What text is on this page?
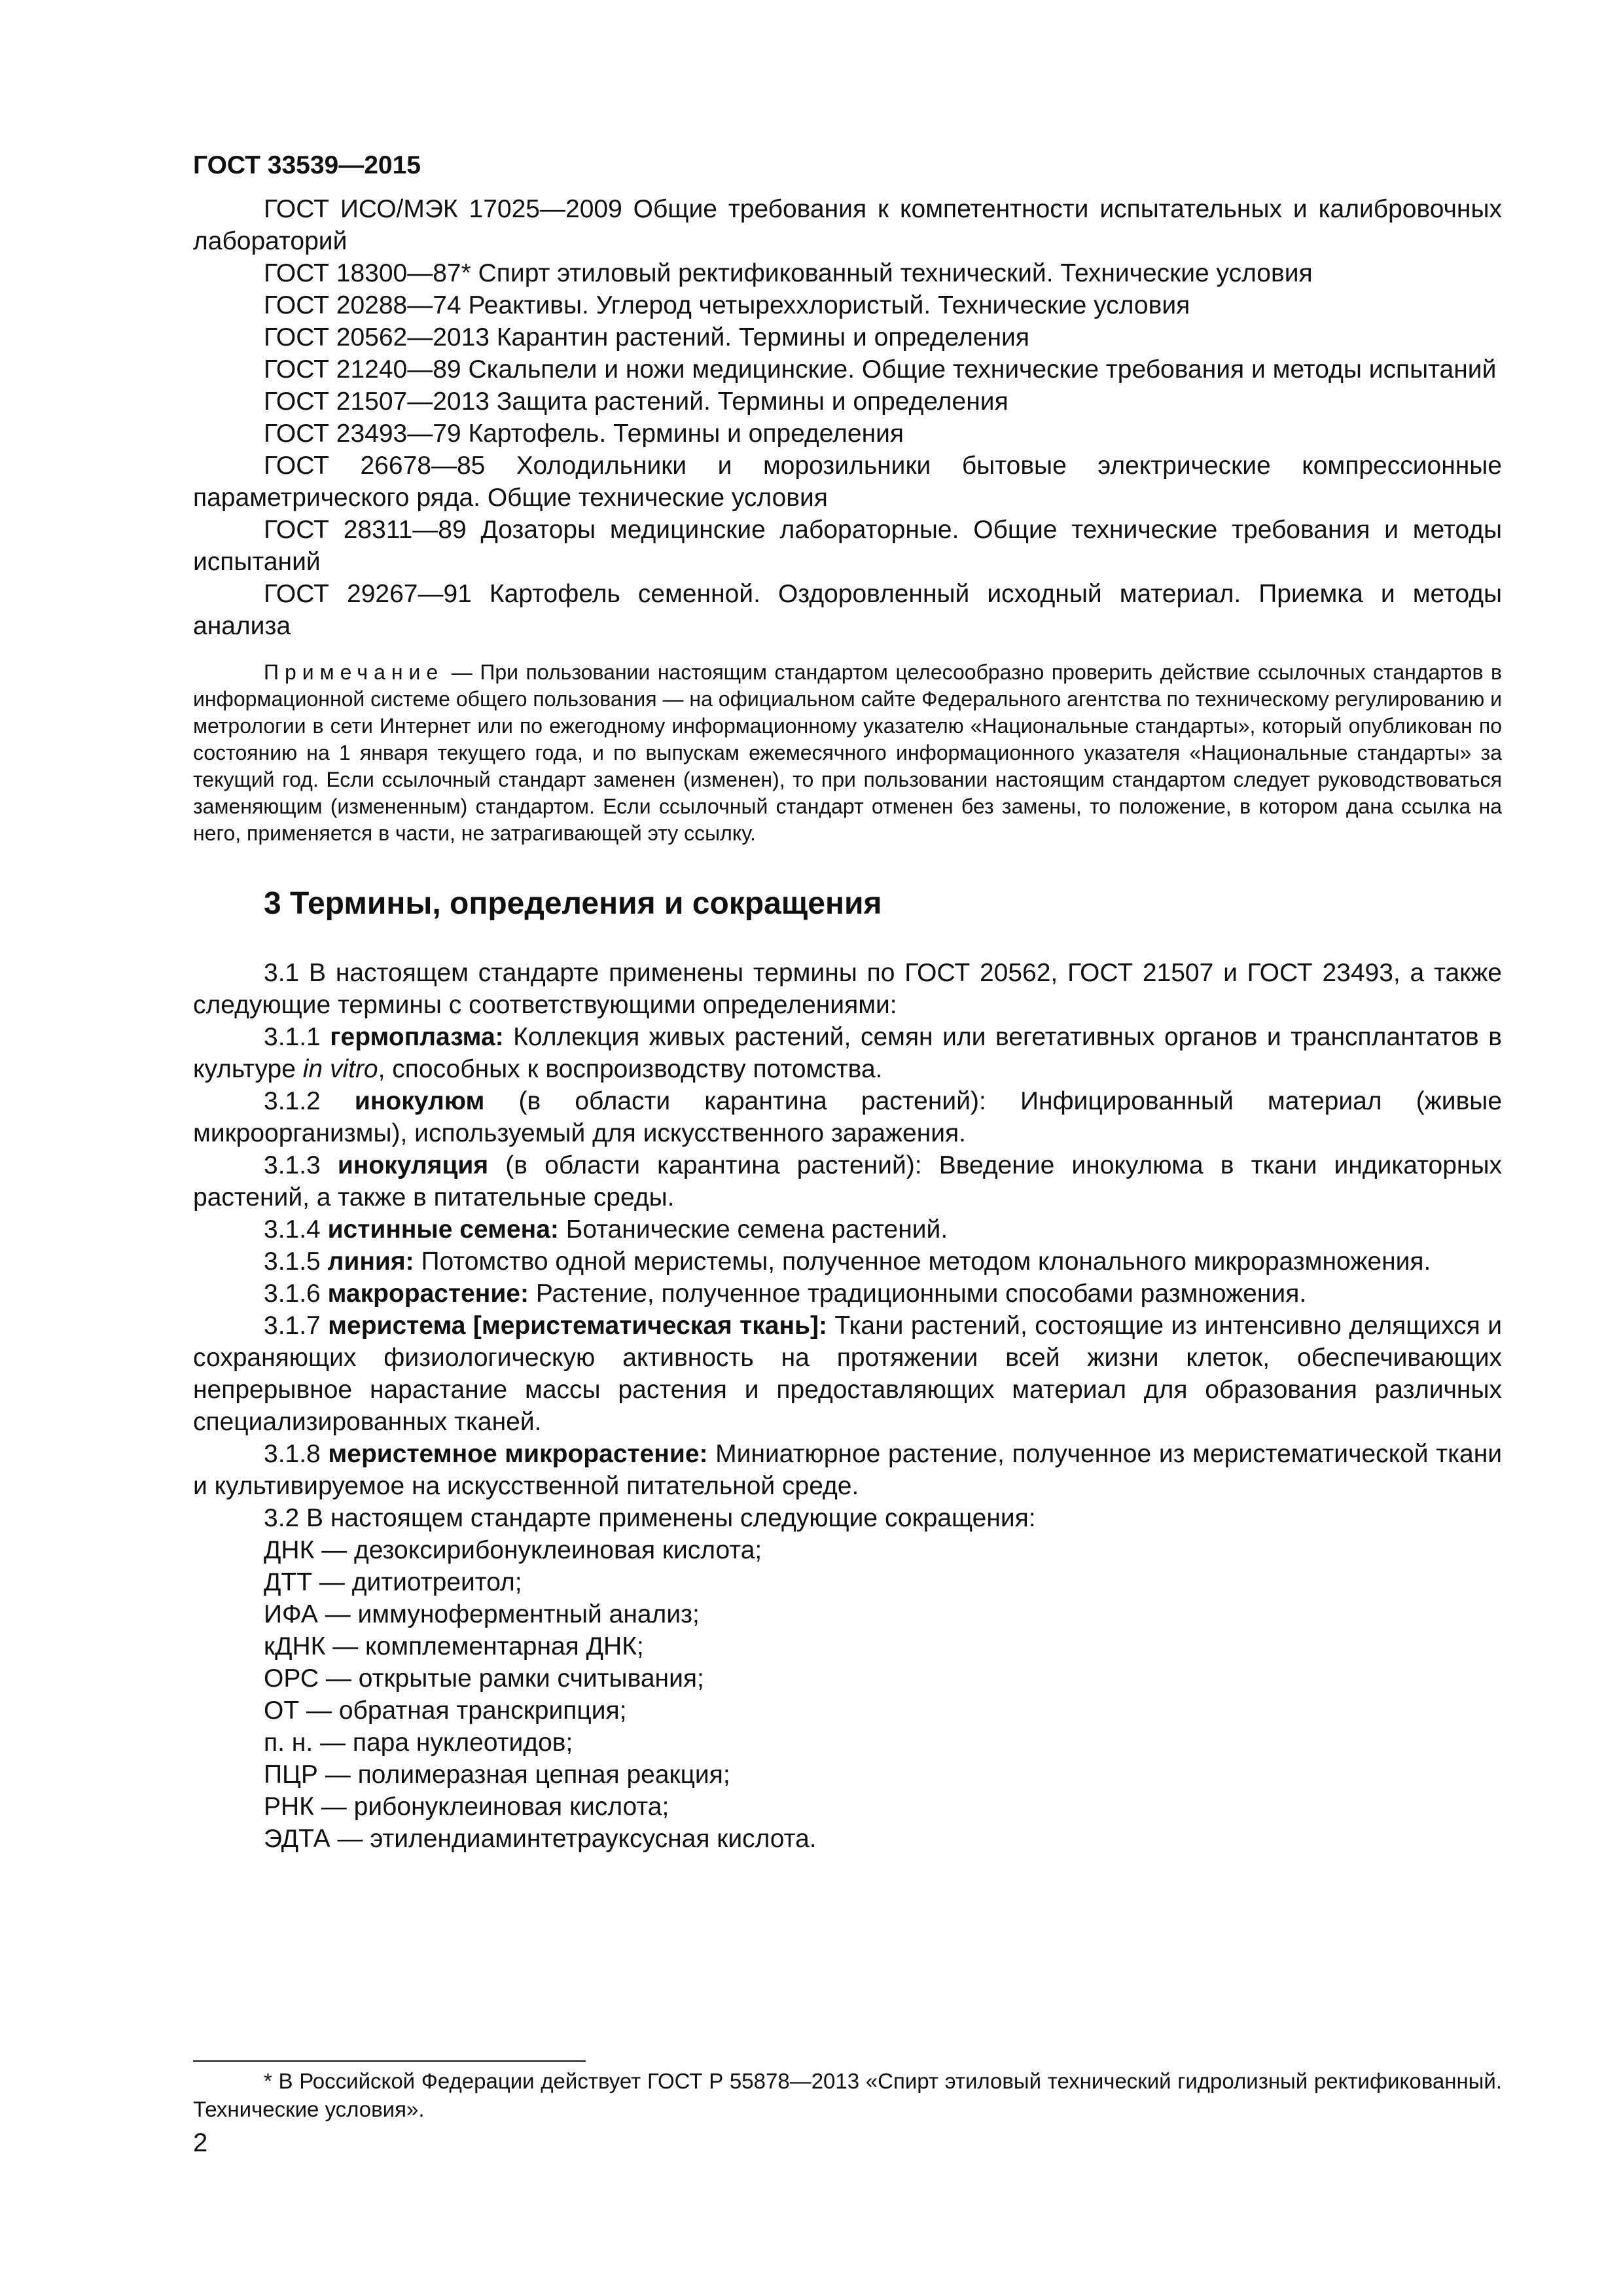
ГОСТ 33539—2015

ГОСТ ИСО/МЭК 17025—2009 Общие требования к компетентности испытательных и калибровочных лабораторий

ГОСТ 18300—87* Спирт этиловый ректификованный технический. Технические условия

ГОСТ 20288—74 Реактивы. Углерод четыреххлористый. Технические условия

ГОСТ 20562—2013 Карантин растений. Термины и определения

ГОСТ 21240—89 Скальпели и ножи медицинские. Общие технические требования и методы испытаний

ГОСТ 21507—2013 Защита растений. Термины и определения

ГОСТ 23493—79 Картофель. Термины и определения

ГОСТ 26678—85 Холодильники и морозильники бытовые электрические компрессионные параметрического ряда. Общие технические условия

ГОСТ 28311—89 Дозаторы медицинские лабораторные. Общие технические требования и методы испытаний

ГОСТ 29267—91 Картофель семенной. Оздоровленный исходный материал. Приемка и методы анализа

Примечание — При пользовании настоящим стандартом целесообразно проверить действие ссылочных стандартов в информационной системе общего пользования — на официальном сайте Федерального агентства по техническому регулированию и метрологии в сети Интернет или по ежегодному информационному указателю «Национальные стандарты», который опубликован по состоянию на 1 января текущего года, и по выпускам ежемесячного информационного указателя «Национальные стандарты» за текущий год. Если ссылочный стандарт заменен (изменен), то при пользовании настоящим стандартом следует руководствоваться заменяющим (измененным) стандартом. Если ссылочный стандарт отменен без замены, то положение, в котором дана ссылка на него, применяется в части, не затрагивающей эту ссылку.

3 Термины, определения и сокращения

3.1 В настоящем стандарте применены термины по ГОСТ 20562, ГОСТ 21507 и ГОСТ 23493, а также следующие термины с соответствующими определениями:

3.1.1 гермоплазма: Коллекция живых растений, семян или вегетативных органов и трансплантатов в культуре in vitro, способных к воспроизводству потомства.

3.1.2 инокулюм (в области карантина растений): Инфицированный материал (живые микроорганизмы), используемый для искусственного заражения.

3.1.3 инокуляция (в области карантина растений): Введение инокулюма в ткани индикаторных растений, а также в питательные среды.

3.1.4 истинные семена: Ботанические семена растений.

3.1.5 линия: Потомство одной меристемы, полученное методом клонального микроразмножения.

3.1.6 макрорастение: Растение, полученное традиционными способами размножения.

3.1.7 меристема [меристематическая ткань]: Ткани растений, состоящие из интенсивно делящихся и сохраняющих физиологическую активность на протяжении всей жизни клеток, обеспечивающих непрерывное нарастание массы растения и предоставляющих материал для образования различных специализированных тканей.

3.1.8 меристемное микрорастение: Миниатюрное растение, полученное из меристематической ткани и культивируемое на искусственной питательной среде.

3.2 В настоящем стандарте применены следующие сокращения:

ДНК — дезоксирибонуклеиновая кислота;

ДТТ — дитиотреитол;

ИФА — иммуноферментный анализ;

кДНК — комплементарная ДНК;

ОРС — открытые рамки считывания;

ОТ — обратная транскрипция;

п. н. — пара нуклеотидов;

ПЦР — полимеразная цепная реакция;

РНК — рибонуклеиновая кислота;

ЭДТА — этилендиаминтетрауксусная кислота.

* В Российской Федерации действует ГОСТ Р 55878—2013 «Спирт этиловый технический гидролизный ректификованный. Технические условия».

2
